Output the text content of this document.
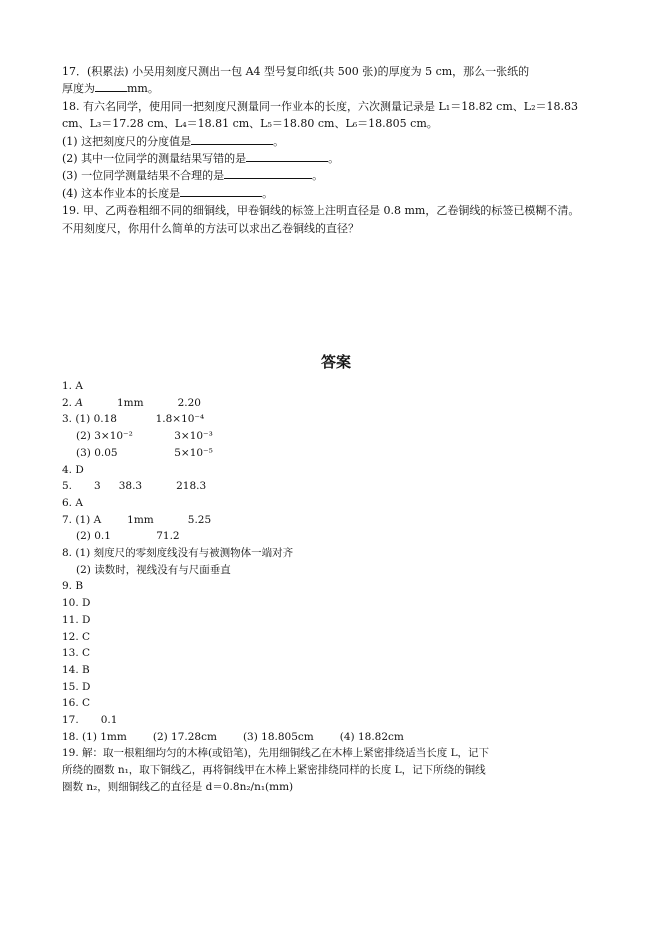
17．(积累法) 小吴用刻度尺测出一包 A4 型号复印纸(共 500 张)的厚度为 5 cm，那么一张纸的

厚度为	mm。

18. 有六名同学，使用同一把刻度尺测量同一作业本的长度，六次测量记录是 L₁＝18.82 cm、L₂＝18.83

cm、L₃＝17.28 cm、L₄＝18.81 cm、L₅＝18.80 cm、L₆＝18.805 cm。

(1) 这把刻度尺的分度值是	。

(2) 其中一位同学的测量结果写错的是	。

(3) 一位同学测量结果不合理的是	。

(4) 这本作业本的长度是	。

19. 甲、乙两卷粗细不同的细铜线，甲卷铜线的标签上注明直径是 0.8 mm，乙卷铜线的标签已模糊不清。

不用刻度尺，你用什么简单的方法可以求出乙卷铜线的直径？

答案

1. A

2. A	1mm	2.20

3. (1) 0.18	1.8×10⁻⁴

(2) 3×10⁻²	3×10⁻³

(3) 0.05	5×10⁻⁵

4. D

5. 3 38.3	218.3

6. A

7. (1) A 1mm	5.25

(2) 0.1	71.2

8. (1) 刻度尺的零刻度线没有与被测物体一端对齐

(2) 读数时，视线没有与尺面垂直

9. B

10. D

11. D

12. C

13. C

14. B

15. D

16. C

17. 0.1

18. (1) 1mm (2) 17.28cm (3) 18.805cm (4) 18.82cm

19. 解：取一根粗细均匀的木棒(或铅笔)，先用细铜线乙在木棒上紧密排绕适当长度 L，记下

所绕的圈数 n₁，取下铜线乙，再将铜线甲在木棒上紧密排绕同样的长度 L，记下所绕的铜线

圈数 n₂，则细铜线乙的直径是 d＝0.8n₂/n₁(mm)
